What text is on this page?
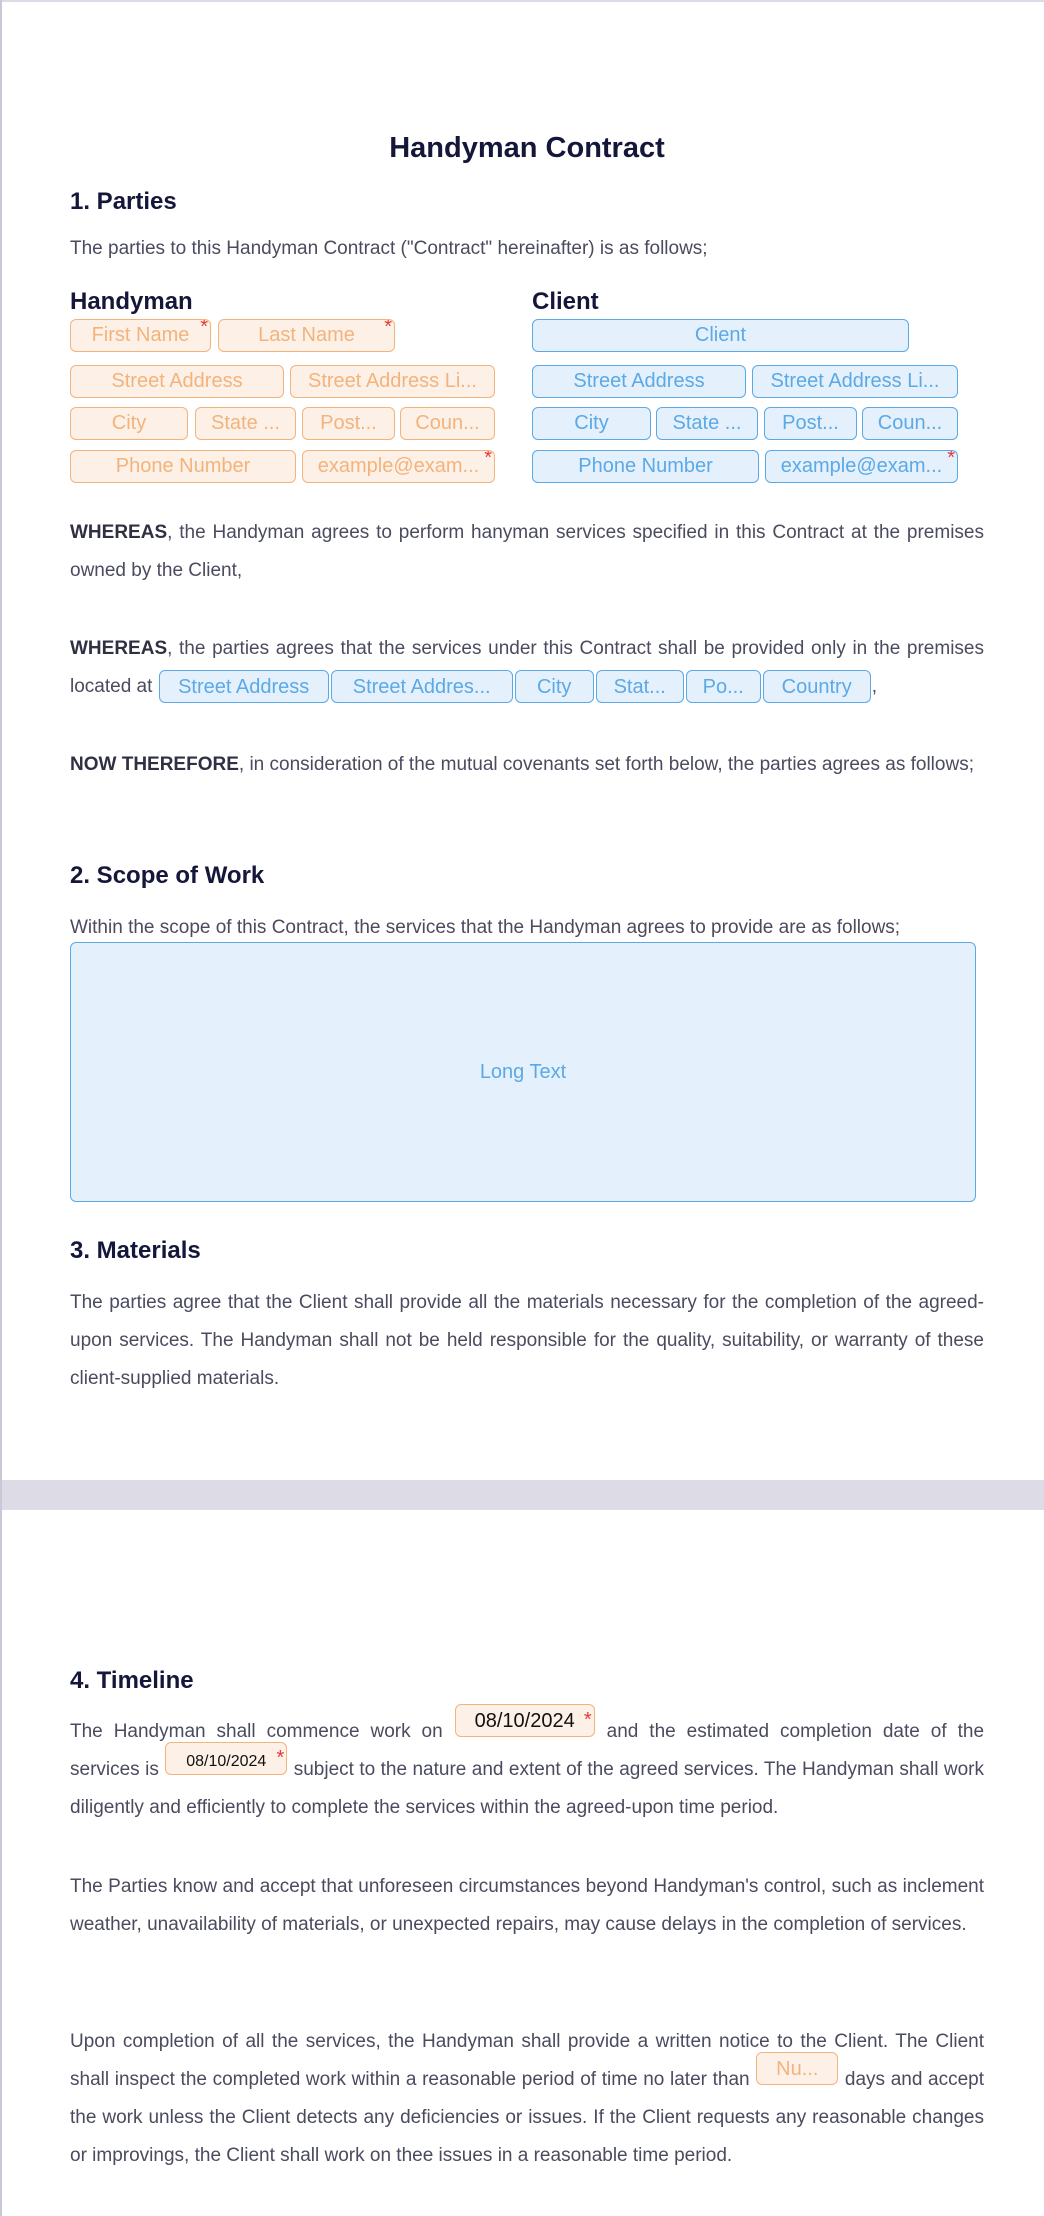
Handyman Contract
1. Parties
The parties to this Handyman Contract ("Contract" hereinafter) is as follows;
Handyman	Client
First Name *	Last Name *
Street Address	Street Address Li...
City	State ...	Post...	Coun...
Phone Number	example@exam... *
Client
Street Address	Street Address Li...
City	State ...	Post...	Coun...
Phone Number	example@exam... *
WHEREAS, the Handyman agrees to perform hanyman services specified in this Contract at the premises owned by the Client,
WHEREAS, the parties agrees that the services under this Contract shall be provided only in the premises located at Street Address Street Addres... City Stat... Po... Country ,
NOW THEREFORE, in consideration of the mutual covenants set forth below, the parties agrees as follows;
2. Scope of Work
Within the scope of this Contract, the services that the Handyman agrees to provide are as follows;
Long Text
3. Materials
The parties agree that the Client shall provide all the materials necessary for the completion of the agreed-upon services. The Handyman shall not be held responsible for the quality, suitability, or warranty of these client-supplied materials.
4. Timeline
The Handyman shall commence work on 08/10/2024 *
and the estimated completion date of the services is 08/10/2024 *
subject to the nature and extent of the agreed services. The Handyman shall work diligently and efficiently to complete the services within the agreed-upon time period.
The Parties know and accept that unforeseen circumstances beyond Handyman's control, such as inclement weather, unavailability of materials, or unexpected repairs, may cause delays in the completion of services.
Upon completion of all the services, the Handyman shall provide a written notice to the Client. The Client shall inspect the completed work within a reasonable period of time no later than Nu... days and accept the work unless the Client detects any deficiencies or issues. If the Client requests any reasonable changes or improvings, the Client shall work on thee issues in a reasonable time period.
